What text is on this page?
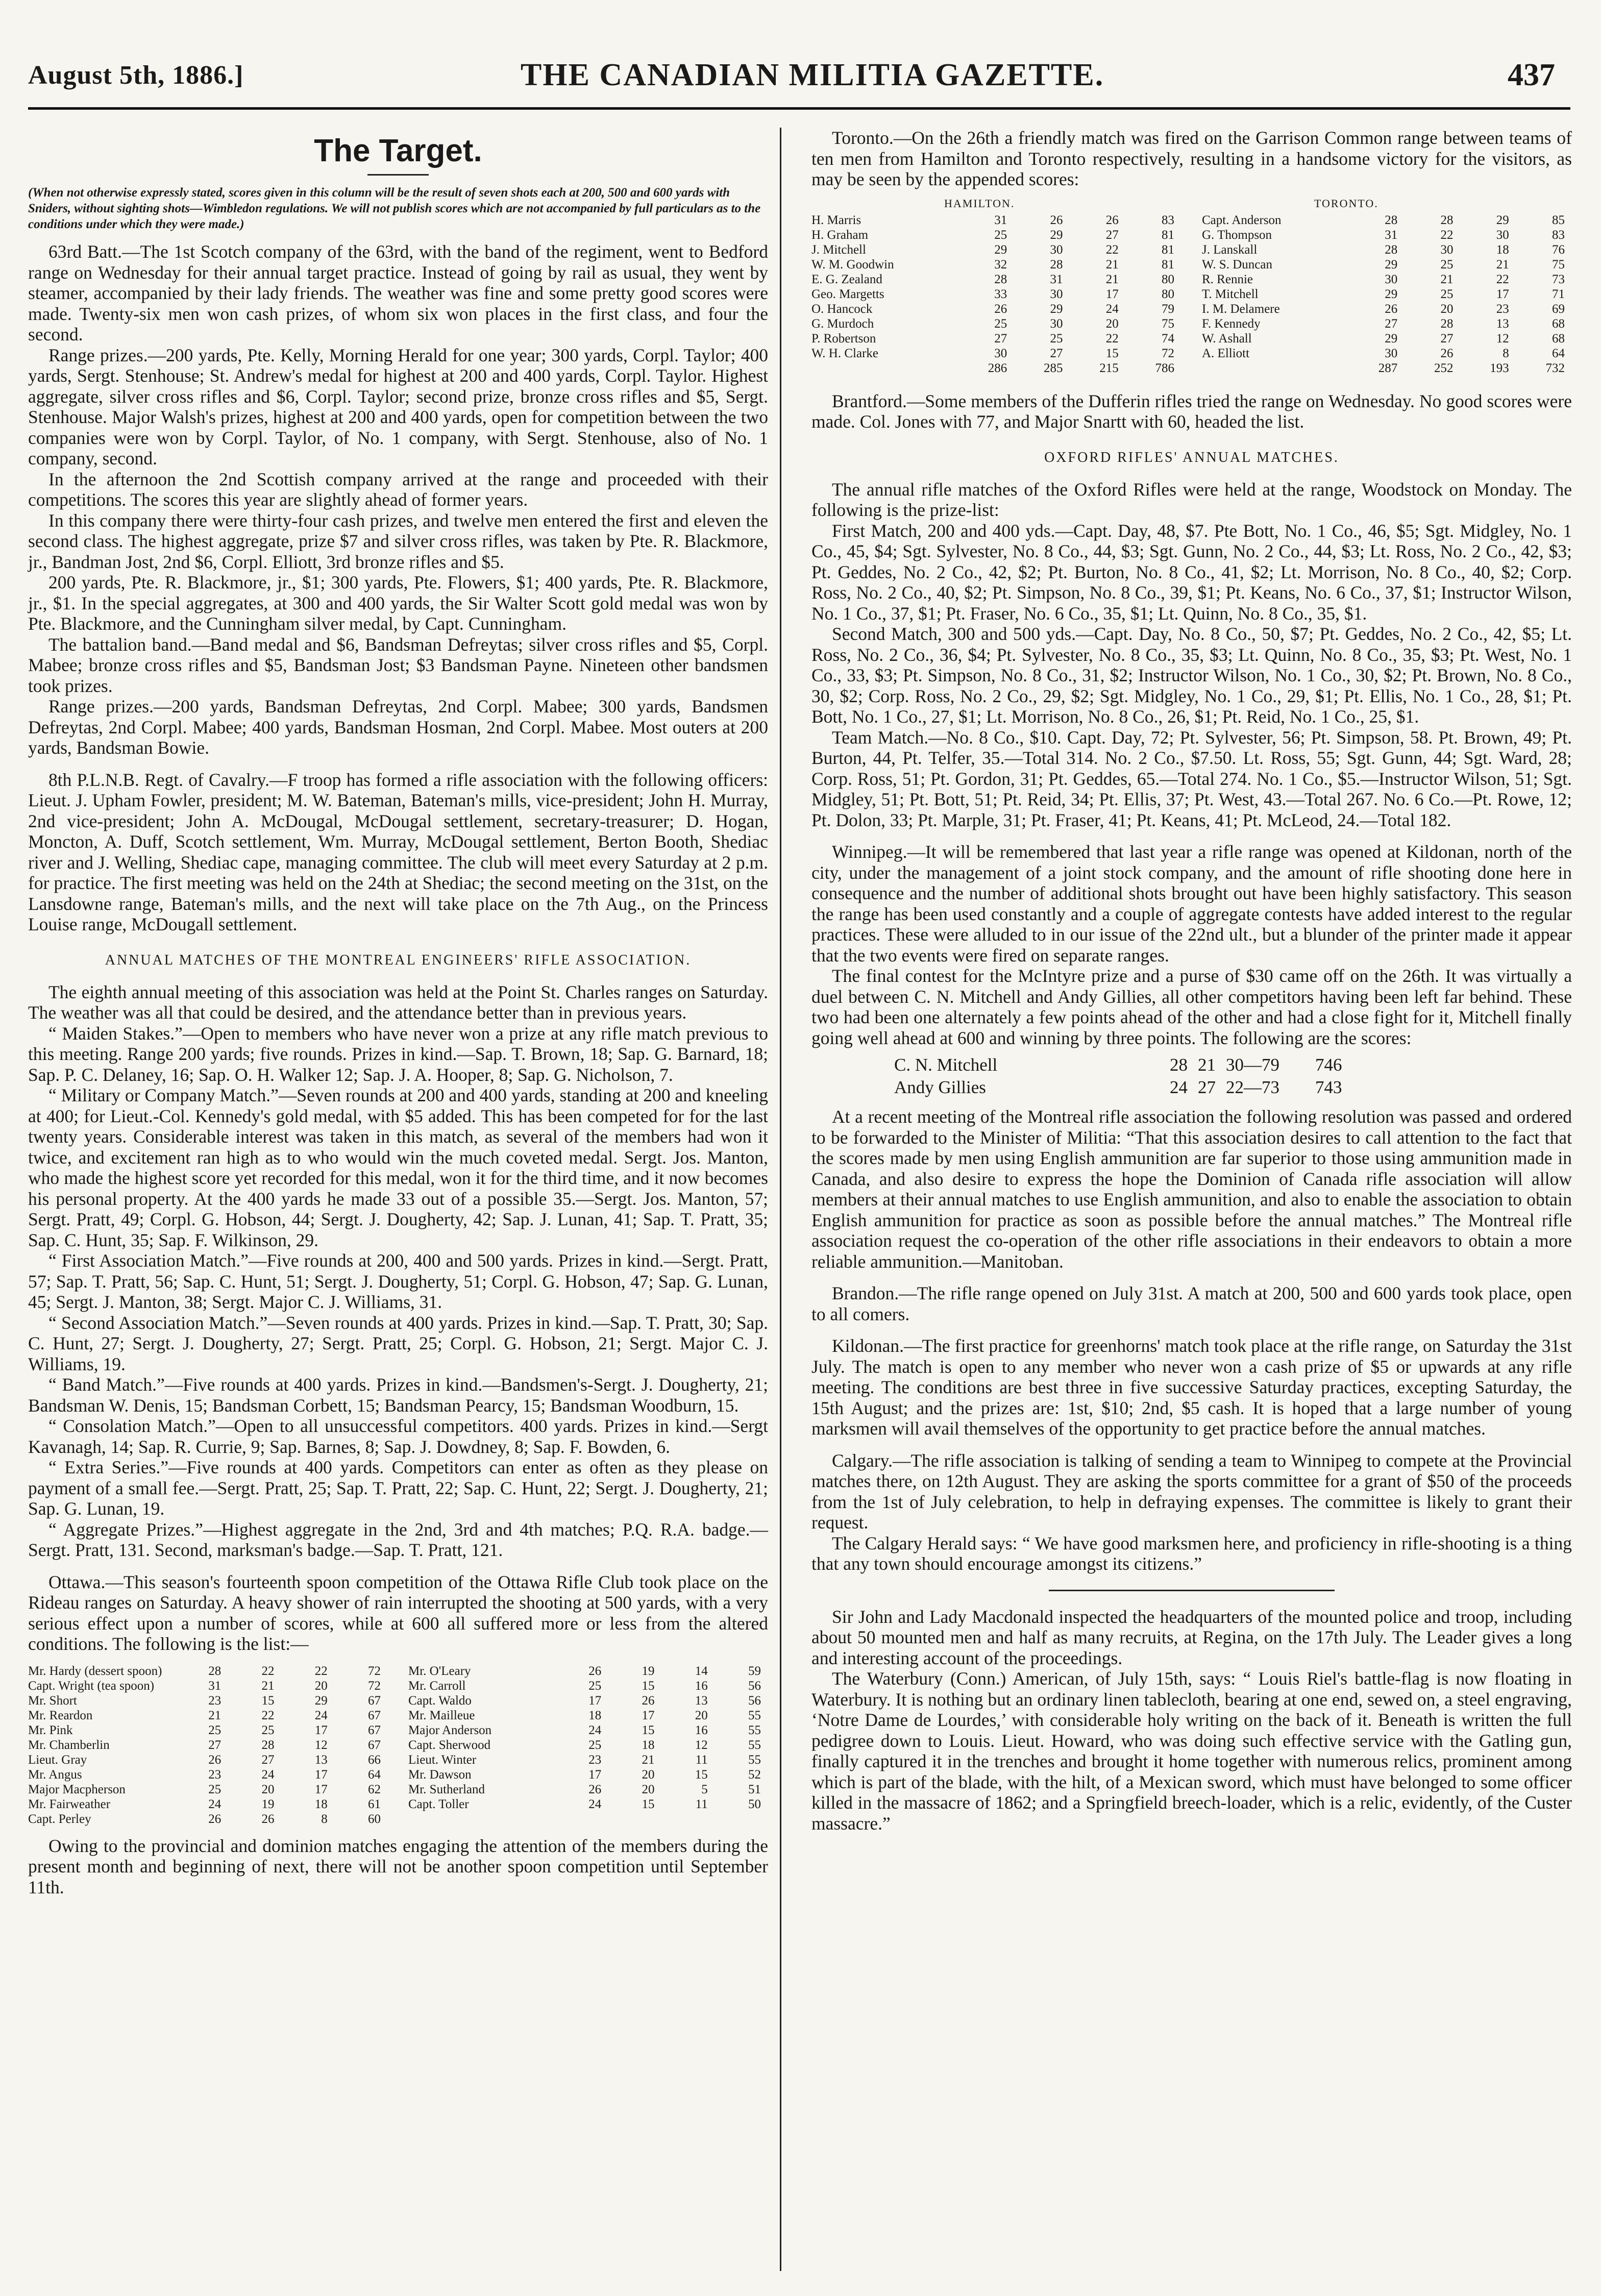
August 5th, 1886.]	THE CANADIAN MILITIA GAZETTE.	437
The Target.
(When not otherwise expressly stated, scores given in this column will be the result of seven shots each at 200, 500 and 600 yards with Sniders, without sighting shots—Wimbledon regulations. We will not publish scores which are not accompanied by full particulars as to the conditions under which they were made.)

63rd Batt.—The 1st Scotch company of the 63rd, with the band of the regiment, went to Bedford range on Wednesday for their annual target practice. Instead of going by rail as usual, they went by steamer, accompanied by their lady friends. The weather was fine and some pretty good scores were made. Twenty-six men won cash prizes, of whom six won places in the first class, and four the second.

Range prizes.—200 yards, Pte. Kelly, Morning Herald for one year; 300 yards, Corpl. Taylor; 400 yards, Sergt. Stenhouse; St. Andrew's medal for highest at 200 and 400 yards, Corpl. Taylor. Highest aggregate, silver cross rifles and $6, Corpl. Taylor; second prize, bronze cross rifles and $5, Sergt. Stenhouse. Major Walsh's prizes, highest at 200 and 400 yards, open for competition between the two companies were won by Corpl. Taylor, of No. 1 company, with Sergt. Stenhouse, also of No. 1 company, second.

In the afternoon the 2nd Scottish company arrived at the range and proceeded with their competitions. The scores this year are slightly ahead of former years.

In this company there were thirty-four cash prizes, and twelve men entered the first and eleven the second class. The highest aggregate, prize $7 and silver cross rifles, was taken by Pte. R. Blackmore, jr., Bandman Jost, 2nd $6, Corpl. Elliott, 3rd bronze rifles and $5.

200 yards, Pte. R. Blackmore, jr., $1; 300 yards, Pte. Flowers, $1; 400 yards, Pte. R. Blackmore, jr., $1. In the special aggregates, at 300 and 400 yards, the Sir Walter Scott gold medal was won by Pte. Blackmore, and the Cunningham silver medal, by Capt. Cunningham.

The battalion band.—Band medal and $6, Bandsman Defreytas; silver cross rifles and $5, Corpl. Mabee; bronze cross rifles and $5, Bandsman Jost; $3 Bandsman Payne. Nineteen other bandsmen took prizes.

Range prizes.—200 yards, Bandsman Defreytas, 2nd Corpl. Mabee; 300 yards, Bandsmen Defreytas, 2nd Corpl. Mabee; 400 yards, Bandsman Hosman, 2nd Corpl. Mabee. Most outers at 200 yards, Bandsman Bowie.

8th P.L.N.B. Regt. of Cavalry.—F troop has formed a rifle association with the following officers: Lieut. J. Upham Fowler, president; M. W. Bateman, Bateman's mills, vice-president; John H. Murray, 2nd vice-president; John A. McDougal, McDougal settlement, secretary-treasurer; D. Hogan, Moncton, A. Duff, Scotch settlement, Wm. Murray, McDougal settlement, Berton Booth, Shediac river and J. Welling, Shediac cape, managing committee. The club will meet every Saturday at 2 p.m. for practice. The first meeting was held on the 24th at Shediac; the second meeting on the 31st, on the Lansdowne range, Bateman's mills, and the next will take place on the 7th Aug., on the Princess Louise range, McDougall settlement.

ANNUAL MATCHES OF THE MONTREAL ENGINEERS' RIFLE ASSOCIATION.

The eighth annual meeting of this association was held at the Point St. Charles ranges on Saturday. The weather was all that could be desired, and the attendance better than in previous years.

“ Maiden Stakes.”—Open to members who have never won a prize at any rifle match previous to this meeting. Range 200 yards; five rounds. Prizes in kind.—Sap. T. Brown, 18; Sap. G. Barnard, 18; Sap. P. C. Delaney, 16; Sap. O. H. Walker 12; Sap. J. A. Hooper, 8; Sap. G. Nicholson, 7.

“ Military or Company Match.”—Seven rounds at 200 and 400 yards, standing at 200 and kneeling at 400; for Lieut.-Col. Kennedy's gold medal, with $5 added. This has been competed for for the last twenty years. Considerable interest was taken in this match, as several of the members had won it twice, and excitement ran high as to who would win the much coveted medal. Sergt. Jos. Manton, who made the highest score yet recorded for this medal, won it for the third time, and it now becomes his personal property. At the 400 yards he made 33 out of a possible 35.—Sergt. Jos. Manton, 57; Sergt. Pratt, 49; Corpl. G. Hobson, 44; Sergt. J. Dougherty, 42; Sap. J. Lunan, 41; Sap. T. Pratt, 35; Sap. C. Hunt, 35; Sap. F. Wilkinson, 29.

“ First Association Match.”—Five rounds at 200, 400 and 500 yards. Prizes in kind.—Sergt. Pratt, 57; Sap. T. Pratt, 56; Sap. C. Hunt, 51; Sergt. J. Dougherty, 51; Corpl. G. Hobson, 47; Sap. G. Lunan, 45; Sergt. J. Manton, 38; Sergt. Major C. J. Williams, 31.

“ Second Association Match.”—Seven rounds at 400 yards. Prizes in kind.—Sap. T. Pratt, 30; Sap. C. Hunt, 27; Sergt. J. Dougherty, 27; Sergt. Pratt, 25; Corpl. G. Hobson, 21; Sergt. Major C. J. Williams, 19.

“ Band Match.”—Five rounds at 400 yards. Prizes in kind.—Bandsmen's-Sergt. J. Dougherty, 21; Bandsman W. Denis, 15; Bandsman Corbett, 15; Bandsman Pearcy, 15; Bandsman Woodburn, 15.

“ Consolation Match.”—Open to all unsuccessful competitors. 400 yards. Prizes in kind.—Sergt Kavanagh, 14; Sap. R. Currie, 9; Sap. Barnes, 8; Sap. J. Dowdney, 8; Sap. F. Bowden, 6.

“ Extra Series.”—Five rounds at 400 yards. Competitors can enter as often as they please on payment of a small fee.—Sergt. Pratt, 25; Sap. T. Pratt, 22; Sap. C. Hunt, 22; Sergt. J. Dougherty, 21; Sap. G. Lunan, 19.

“ Aggregate Prizes.”—Highest aggregate in the 2nd, 3rd and 4th matches; P.Q. R.A. badge.—Sergt. Pratt, 131. Second, marksman's badge.—Sap. T. Pratt, 121.

Ottawa.—This season's fourteenth spoon competition of the Ottawa Rifle Club took place on the Rideau ranges on Saturday. A heavy shower of rain interrupted the shooting at 500 yards, with a very serious effect upon a number of scores, while at 600 all suffered more or less from the altered conditions. The following is the list:—

Mr. Hardy (dessert spoon)	28	22	22	72	Mr. O'Leary	26	19	14	59
Capt. Wright (tea spoon)	31	21	20	72	Mr. Carroll	25	15	16	56
Mr. Short	23	15	29	67	Capt. Waldo	17	26	13	56
Mr. Reardon	21	22	24	67	Mr. Mailleue	18	17	20	55
Mr. Pink	25	25	17	67	Major Anderson	24	15	16	55
Mr. Chamberlin	27	28	12	67	Capt. Sherwood	25	18	12	55
Lieut. Gray	26	27	13	66	Lieut. Winter	23	21	11	55
Mr. Angus	23	24	17	64	Mr. Dawson	17	20	15	52
Major Macpherson	25	20	17	62	Mr. Sutherland	26	20	5	51
Mr. Fairweather	24	19	18	61	Capt. Toller	24	15	11	50
Capt. Perley	26	26	8	60					

Owing to the provincial and dominion matches engaging the attention of the members during the present month and beginning of next, there will not be another spoon competition until September 11th.

Toronto.—On the 26th a friendly match was fired on the Garrison Common range between teams of ten men from Hamilton and Toronto respectively, resulting in a handsome victory for the visitors, as may be seen by the appended scores:

HAMILTON.					TORONTO.				
H. Marris	31	26	26	83	Capt. Anderson	28	28	29	85
H. Graham	25	29	27	81	G. Thompson	31	22	30	83
J. Mitchell	29	30	22	81	J. Lanskall	28	30	18	76
W. M. Goodwin	32	28	21	81	W. S. Duncan	29	25	21	75
E. G. Zealand	28	31	21	80	R. Rennie	30	21	22	73
Geo. Margetts	33	30	17	80	T. Mitchell	29	25	17	71
O. Hancock	26	29	24	79	I. M. Delamere	26	20	23	69
G. Murdoch	25	30	20	75	F. Kennedy	27	28	13	68
P. Robertson	27	25	22	74	W. Ashall	29	27	12	68
W. H. Clarke	30	27	15	72	A. Elliott	30	26	8	64
	286	285	215	786		287	252	193	732

Brantford.—Some members of the Dufferin rifles tried the range on Wednesday. No good scores were made. Col. Jones with 77, and Major Snartt with 60, headed the list.

OXFORD RIFLES' ANNUAL MATCHES.

The annual rifle matches of the Oxford Rifles were held at the range, Woodstock on Monday. The following is the prize-list:

First Match, 200 and 400 yds.—Capt. Day, 48, $7. Pte Bott, No. 1 Co., 46, $5; Sgt. Midgley, No. 1 Co., 45, $4; Sgt. Sylvester, No. 8 Co., 44, $3; Sgt. Gunn, No. 2 Co., 44, $3; Lt. Ross, No. 2 Co., 42, $3; Pt. Geddes, No. 2 Co., 42, $2; Pt. Burton, No. 8 Co., 41, $2; Lt. Morrison, No. 8 Co., 40, $2; Corp. Ross, No. 2 Co., 40, $2; Pt. Simpson, No. 8 Co., 39, $1; Pt. Keans, No. 6 Co., 37, $1; Instructor Wilson, No. 1 Co., 37, $1; Pt. Fraser, No. 6 Co., 35, $1; Lt. Quinn, No. 8 Co., 35, $1.

Second Match, 300 and 500 yds.—Capt. Day, No. 8 Co., 50, $7; Pt. Geddes, No. 2 Co., 42, $5; Lt. Ross, No. 2 Co., 36, $4; Pt. Sylvester, No. 8 Co., 35, $3; Lt. Quinn, No. 8 Co., 35, $3; Pt. West, No. 1 Co., 33, $3; Pt. Simpson, No. 8 Co., 31, $2; Instructor Wilson, No. 1 Co., 30, $2; Pt. Brown, No. 8 Co., 30, $2; Corp. Ross, No. 2 Co., 29, $2; Sgt. Midgley, No. 1 Co., 29, $1; Pt. Ellis, No. 1 Co., 28, $1; Pt. Bott, No. 1 Co., 27, $1; Lt. Morrison, No. 8 Co., 26, $1; Pt. Reid, No. 1 Co., 25, $1.

Team Match.—No. 8 Co., $10. Capt. Day, 72; Pt. Sylvester, 56; Pt. Simpson, 58. Pt. Brown, 49; Pt. Burton, 44, Pt. Telfer, 35.—Total 314. No. 2 Co., $7.50. Lt. Ross, 55; Sgt. Gunn, 44; Sgt. Ward, 28; Corp. Ross, 51; Pt. Gordon, 31; Pt. Geddes, 65.—Total 274. No. 1 Co., $5.—Instructor Wilson, 51; Sgt. Midgley, 51; Pt. Bott, 51; Pt. Reid, 34; Pt. Ellis, 37; Pt. West, 43.—Total 267. No. 6 Co.—Pt. Rowe, 12; Pt. Dolon, 33; Pt. Marple, 31; Pt. Fraser, 41; Pt. Keans, 41; Pt. McLeod, 24.—Total 182.

Winnipeg.—It will be remembered that last year a rifle range was opened at Kildonan, north of the city, under the management of a joint stock company, and the amount of rifle shooting done here in consequence and the number of additional shots brought out have been highly satisfactory. This season the range has been used constantly and a couple of aggregate contests have added interest to the regular practices. These were alluded to in our issue of the 22nd ult., but a blunder of the printer made it appear that the two events were fired on separate ranges.

The final contest for the McIntyre prize and a purse of $30 came off on the 26th. It was virtually a duel between C. N. Mitchell and Andy Gillies, all other competitors having been left far behind. These two had been one alternately a few points ahead of the other and had a close fight for it, Mitchell finally going well ahead at 600 and winning by three points. The following are the scores:

C. N. Mitchell	28	21	30—79	746
Andy Gillies	24	27	22—73	743

At a recent meeting of the Montreal rifle association the following resolution was passed and ordered to be forwarded to the Minister of Militia: “That this association desires to call attention to the fact that the scores made by men using English ammunition are far superior to those using ammunition made in Canada, and also desire to express the hope the Dominion of Canada rifle association will allow members at their annual matches to use English ammunition, and also to enable the association to obtain English ammunition for practice as soon as possible before the annual matches.” The Montreal rifle association request the co-operation of the other rifle associations in their endeavors to obtain a more reliable ammunition.—Manitoban.

Brandon.—The rifle range opened on July 31st. A match at 200, 500 and 600 yards took place, open to all comers.

Kildonan.—The first practice for greenhorns' match took place at the rifle range, on Saturday the 31st July. The match is open to any member who never won a cash prize of $5 or upwards at any rifle meeting. The conditions are best three in five successive Saturday practices, excepting Saturday, the 15th August; and the prizes are: 1st, $10; 2nd, $5 cash. It is hoped that a large number of young marksmen will avail themselves of the opportunity to get practice before the annual matches.

Calgary.—The rifle association is talking of sending a team to Winnipeg to compete at the Provincial matches there, on 12th August. They are asking the sports committee for a grant of $50 of the proceeds from the 1st of July celebration, to help in defraying expenses. The committee is likely to grant their request.

The Calgary Herald says: “ We have good marksmen here, and proficiency in rifle-shooting is a thing that any town should encourage amongst its citizens.”

Sir John and Lady Macdonald inspected the headquarters of the mounted police and troop, including about 50 mounted men and half as many recruits, at Regina, on the 17th July. The Leader gives a long and interesting account of the proceedings.

The Waterbury (Conn.) American, of July 15th, says: “ Louis Riel's battle-flag is now floating in Waterbury. It is nothing but an ordinary linen tablecloth, bearing at one end, sewed on, a steel engraving, ‘Notre Dame de Lourdes,’ with considerable holy writing on the back of it. Beneath is written the full pedigree down to Louis. Lieut. Howard, who was doing such effective service with the Gatling gun, finally captured it in the trenches and brought it home together with numerous relics, prominent among which is part of the blade, with the hilt, of a Mexican sword, which must have belonged to some officer killed in the massacre of 1862; and a Springfield breech-loader, which is a relic, evidently, of the Custer massacre.”
